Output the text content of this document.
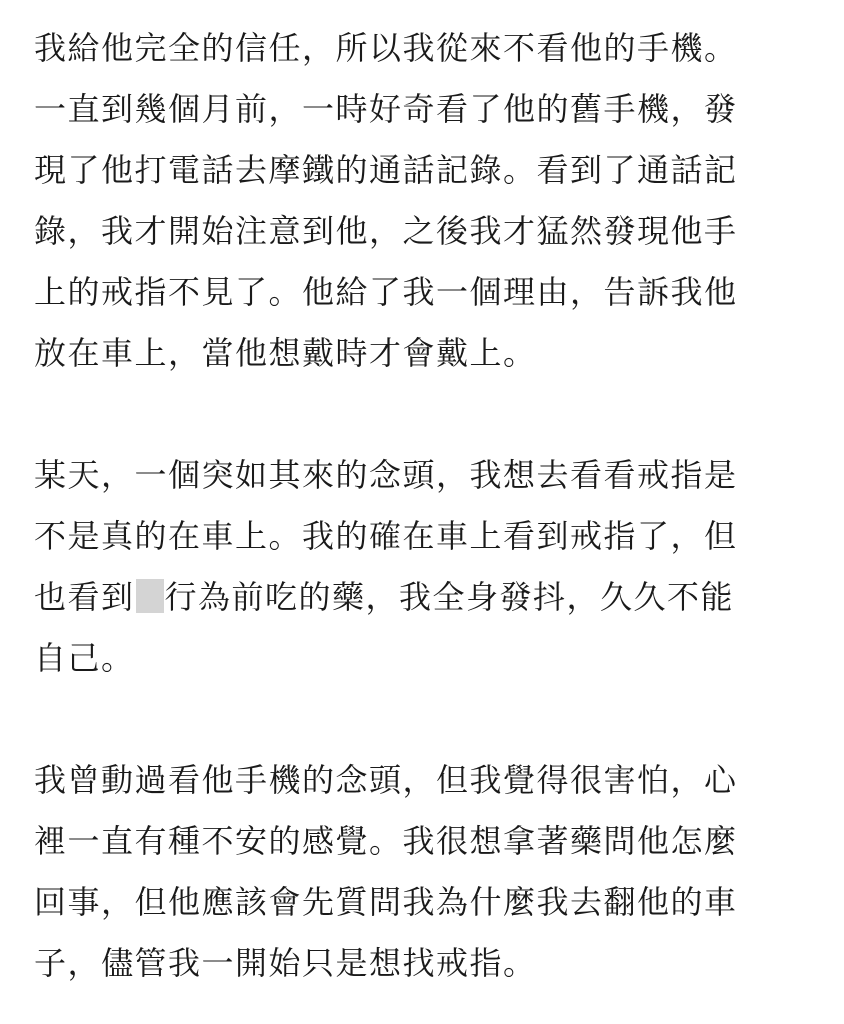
我給他完全的信任，所以我從來不看他的手機。
一直到幾個月前，一時好奇看了他的舊手機，發
現了他打電話去摩鐵的通話記錄。看到了通話記
錄，我才開始注意到他，之後我才猛然發現他手
上的戒指不見了。他給了我一個理由，告訴我他
放在車上，當他想戴時才會戴上。
某天，一個突如其來的念頭，我想去看看戒指是
不是真的在車上。我的確在車上看到戒指了，但
也看到 行為前吃的藥，我全身發抖，久久不能
自己。
我曾動過看他手機的念頭，但我覺得很害怕，心
裡一直有種不安的感覺。我很想拿著藥問他怎麼
回事，但他應該會先質問我為什麼我去翻他的車
子，儘管我一開始只是想找戒指。
